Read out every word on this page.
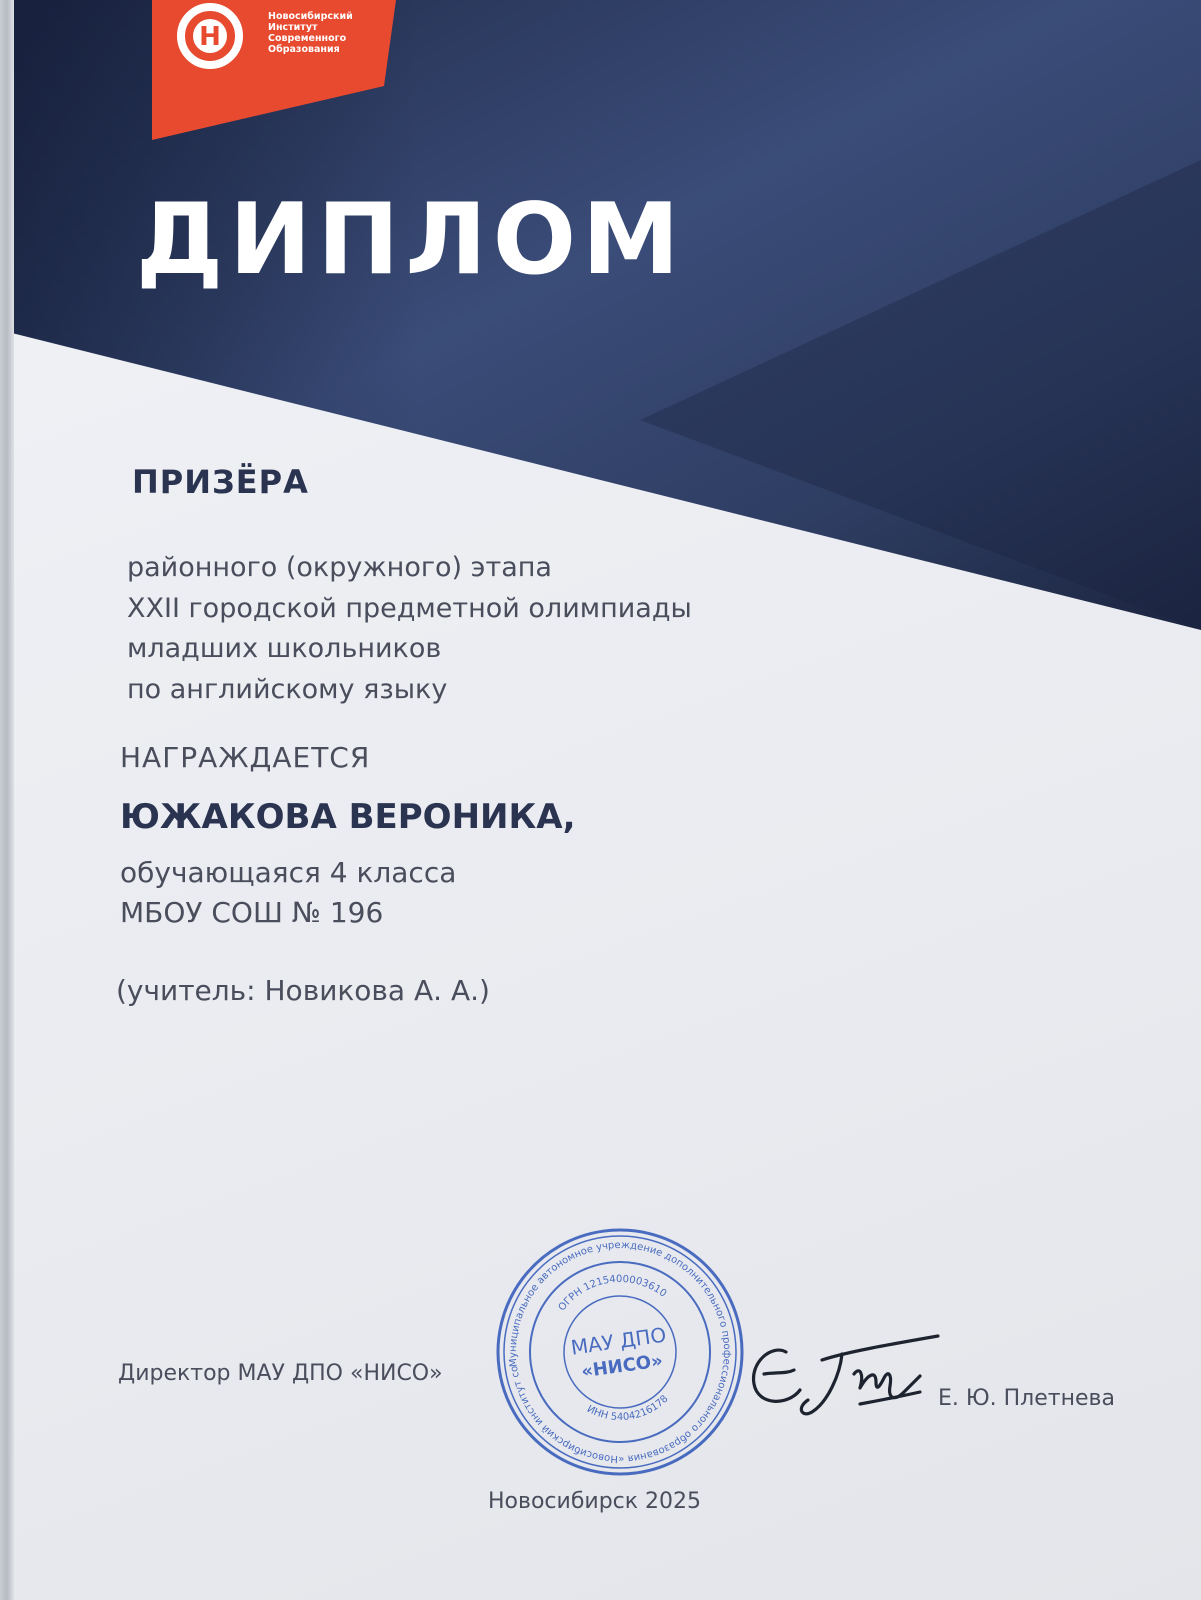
Н
Новосибирский
Институт
Современного
Образования
ДИПЛОМ
ПРИЗЁРА
районного (окружного) этапа
XXII городской предметной олимпиады
младших школьников
по английскому языку
НАГРАЖДАЕТСЯ
ЮЖАКОВА ВЕРОНИКА,
обучающаяся 4 класса
МБОУ СОШ № 196
(учитель: Новикова А. А.)
Директор МАУ ДПО «НИСО»	Муниципальное автономное учреждение дополнительного профессионального образования «Новосибирский институт современного
ОГРН 1215400003610
ИНН 5404216178
МАУ ДПО
«НИСО»
Е. Ю. Плетнева
Новосибирск 2025
